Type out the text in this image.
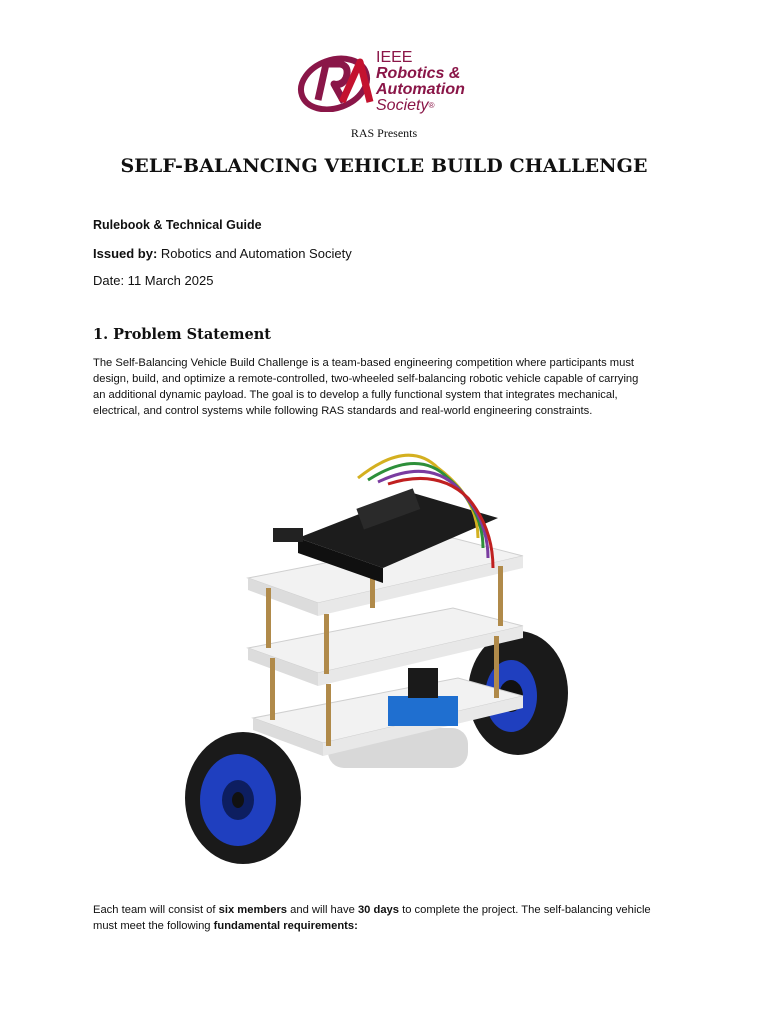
IEEE
Robotics &
Automation
Society®
RAS Presents
SELF-BALANCING VEHICLE BUILD CHALLENGE
Rulebook & Technical Guide
Issued by: Robotics and Automation Society
Date: 11 March 2025
1. Problem Statement
The Self-Balancing Vehicle Build Challenge is a team-based engineering competition where participants must
design, build, and optimize a remote-controlled, two-wheeled self-balancing robotic vehicle capable of carrying
an additional dynamic payload. The goal is to develop a fully functional system that integrates mechanical,
electrical, and control systems while following RAS standards and real-world engineering constraints.
Each team will consist of six members and will have 30 days to complete the project. The self-balancing vehicle
must meet the following fundamental requirements:
